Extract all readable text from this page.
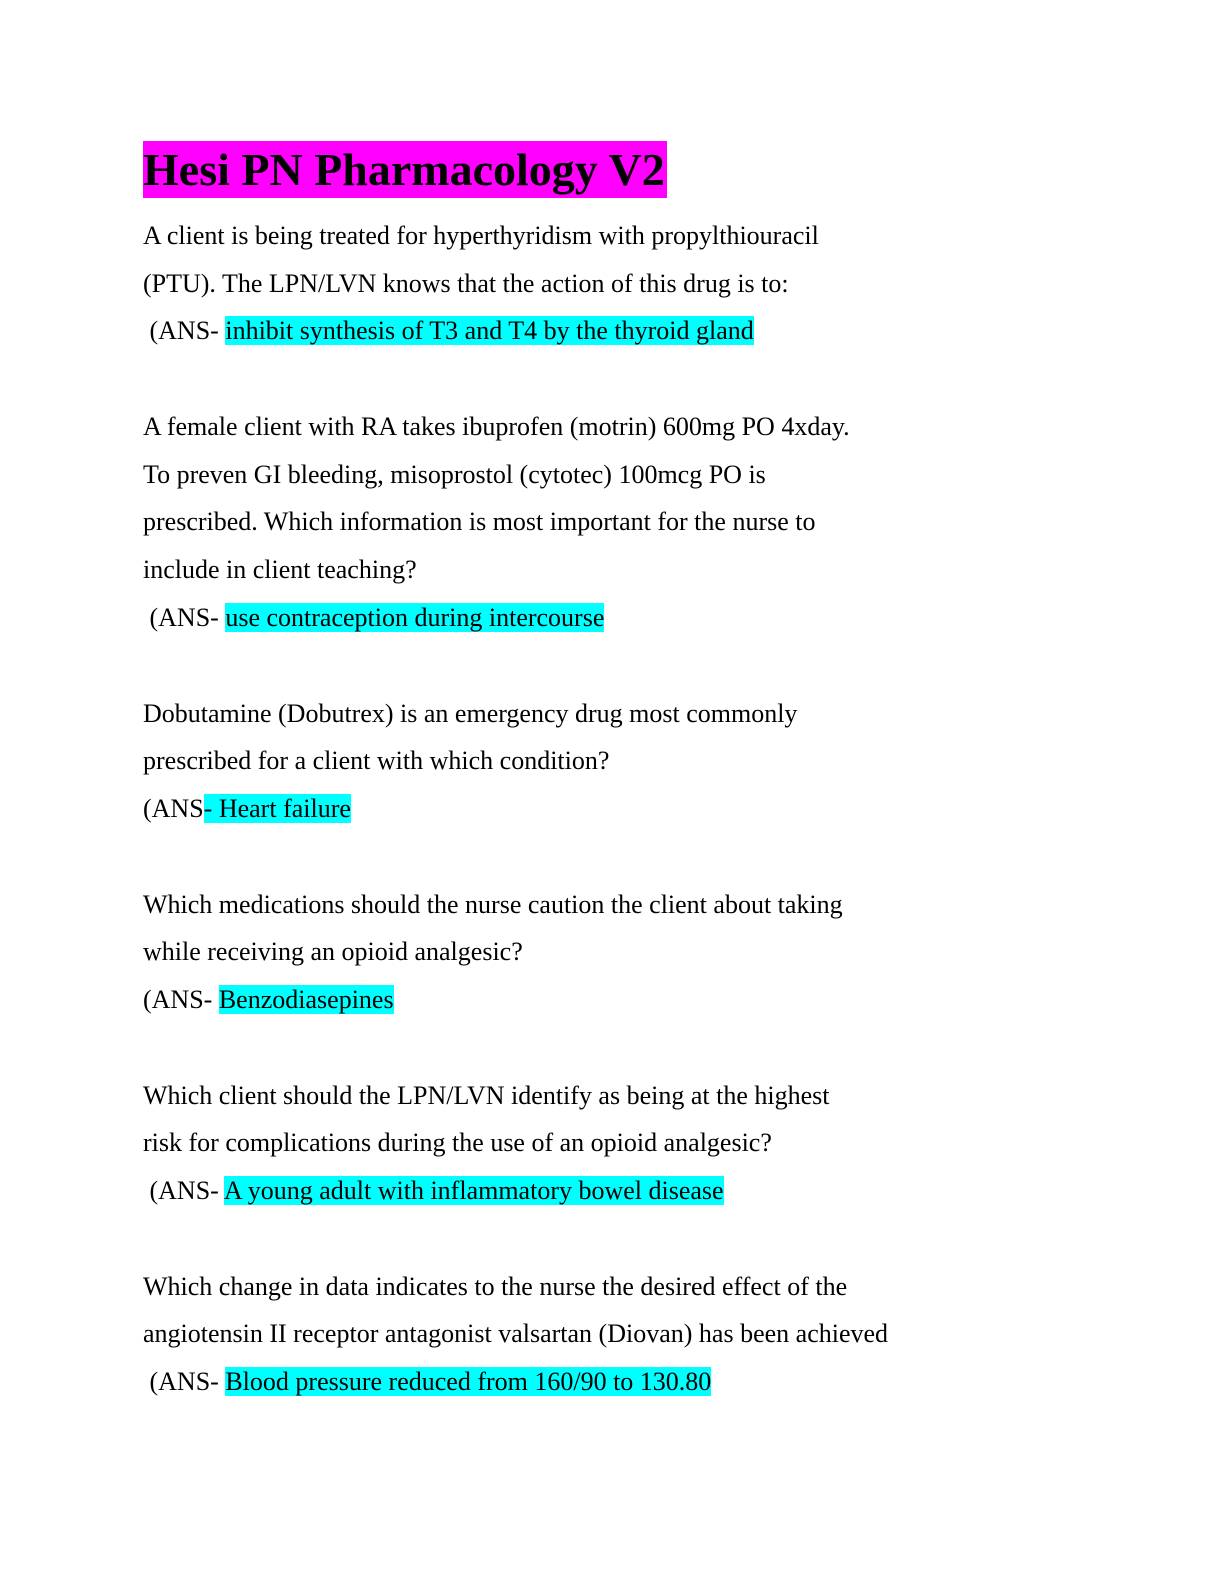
Hesi PN Pharmacology V2
A client is being treated for hyperthyridism with propylthiouracil
(PTU). The LPN/LVN knows that the action of this drug is to:
(ANS- inhibit synthesis of T3 and T4 by the thyroid gland
A female client with RA takes ibuprofen (motrin) 600mg PO 4xday.
To preven GI bleeding, misoprostol (cytotec) 100mcg PO is
prescribed. Which information is most important for the nurse to
include in client teaching?
(ANS- use contraception during intercourse
Dobutamine (Dobutrex) is an emergency drug most commonly
prescribed for a client with which condition?
(ANS- Heart failure
Which medications should the nurse caution the client about taking
while receiving an opioid analgesic?
(ANS- Benzodiasepines
Which client should the LPN/LVN identify as being at the highest
risk for complications during the use of an opioid analgesic?
(ANS- A young adult with inflammatory bowel disease
Which change in data indicates to the nurse the desired effect of the
angiotensin II receptor antagonist valsartan (Diovan) has been achieved
(ANS- Blood pressure reduced from 160/90 to 130.80
